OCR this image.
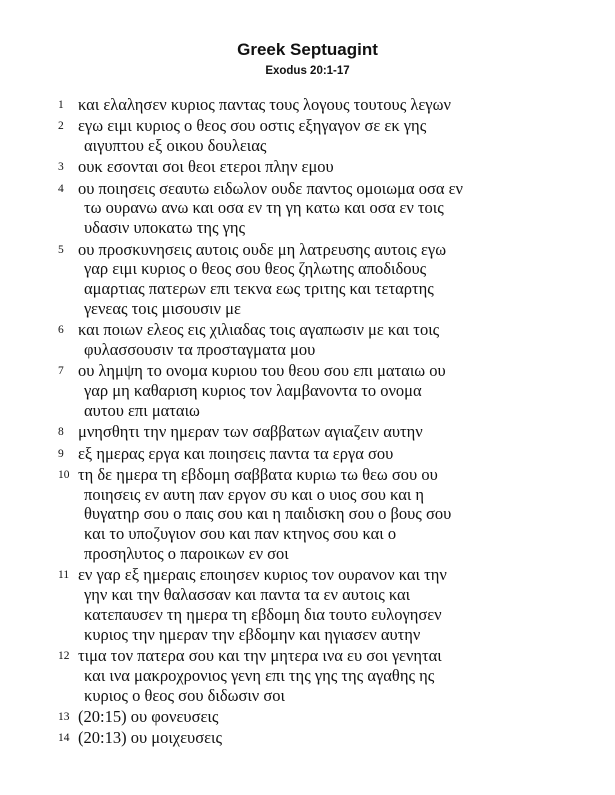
Greek Septuagint
Exodus 20:1-17
1 και ελαλησεν κυριος παντας τους λογους τουτους λεγων
2 εγω ειμι κυριος ο θεος σου οστις εξηγαγον σε εκ γης
αιγυπτου εξ οικου δουλειας
3 ουκ εσονται σοι θεοι ετεροι πλην εμου
4 ου ποιησεις σεαυτω ειδωλον ουδε παντος ομοιωμα οσα εν
τω ουρανω ανω και οσα εν τη γη κατω και οσα εν τοις
υδασιν υποκατω της γης
5 ου προσκυνησεις αυτοις ουδε μη λατρευσης αυτοις εγω
γαρ ειμι κυριος ο θεος σου θεος ζηλωτης αποδιδους
αμαρτιας πατερων επι τεκνα εως τριτης και τεταρτης
γενεας τοις μισουσιν με
6 και ποιων ελεος εις χιλιαδας τοις αγαπωσιν με και τοις
φυλασσουσιν τα προσταγματα μου
7 ου λημψη το ονομα κυριου του θεου σου επι ματαιω ου
γαρ μη καθαριση κυριος τον λαμβανοντα το ονομα
αυτου επι ματαιω
8 μνησθητι την ημεραν των σαββατων αγιαζειν αυτην
9 εξ ημερας εργα και ποιησεις παντα τα εργα σου
10 τη δε ημερα τη εβδομη σαββατα κυριω τω θεω σου ου
ποιησεις εν αυτη παν εργον συ και ο υιος σου και η
θυγατηρ σου ο παις σου και η παιδισκη σου ο βους σου
και το υποζυγιον σου και παν κτηνος σου και ο
προσηλυτος ο παροικων εν σοι
11 εν γαρ εξ ημεραις εποιησεν κυριος τον ουρανον και την
γην και την θαλασσαν και παντα τα εν αυτοις και
κατεπαυσεν τη ημερα τη εβδομη δια τουτο ευλογησεν
κυριος την ημεραν την εβδομην και ηγιασεν αυτην
12 τιμα τον πατερα σου και την μητερα ινα ευ σοι γενηται
και ινα μακροχρονιος γενη επι της γης της αγαθης ης
κυριος ο θεος σου διδωσιν σοι
13 (20:15) ου φονευσεις
14 (20:13) ου μοιχευσεις
